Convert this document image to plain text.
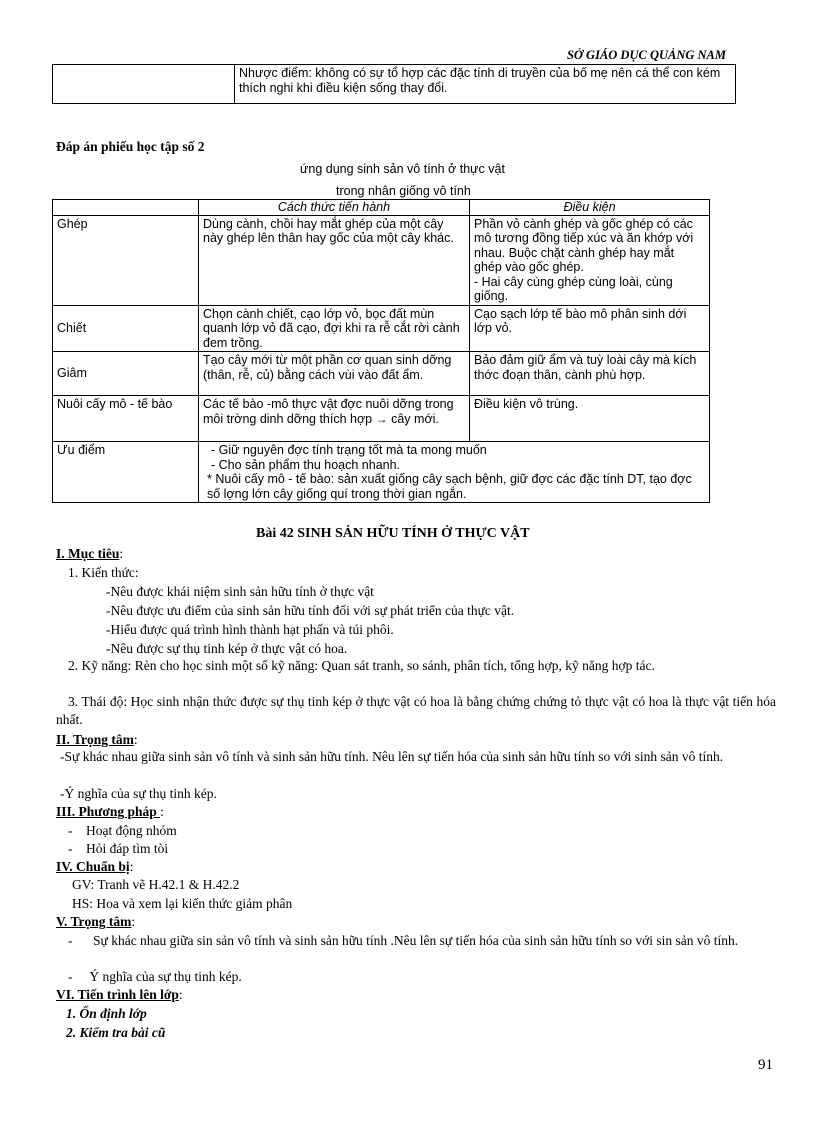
SỞ GIÁO DỤC QUẢNG NAM
	Nhược điểm: không có sự tổ hợp các đặc tính di truyền của bố mẹ nên cá thể con kém thích nghi khi điều kiện sống thay đổi.
Đáp án phiếu học tập số 2
ứng dụng sinh sản vô tính ở thực vật
trong nhân giống vô tính
	Cách thức tiến hành	Điều kiện
Ghép	Dùng cành, chồi hay mắt ghép của một cây này ghép lên thân hay gốc của một cây khác.	Phần vỏ cành ghép và gốc ghép có các mô tương đồng tiếp xúc và ăn khớp với nhau. Buộc chặt cành ghép hay mắt ghép vào gốc ghép.
- Hai cây cùng ghép cùng loài, cùng giống.

Chiết	Chọn cành chiết, cạo lớp vỏ, bọc đất mùn quanh lớp vỏ đã cạo, đợi khi ra rễ cắt rời cành đem trồng.	Cạo sạch lớp tế bào mô phân sinh dới lớp vỏ.
Giâm	Tạo cây mới từ một phần cơ quan sinh dỡng (thân, rễ, củ) bằng cách vùi vào đất ẩm.	Bảo đảm giữ ẩm và tuỳ loài cây mà kích thớc đoạn thân, cành phù hợp.
Nuôi cấy mô - tế bào	Các tế bào -mô thực vật đợc nuôi dỡng trong môi trờng dinh dỡng thích hợp → cây mới.	Điều kiện vô trùng.
Ưu điểm	- Giữ nguyên đợc tính trạng tốt mà ta mong muốn
- Cho sản phẩm thu hoạch nhanh.
* Nuôi cấy mô - tế bào: sản xuất giống cây sạch bệnh, giữ đợc các đặc tính DT, tạo đợc số lợng lớn cây giống quí trong thời gian ngắn.	
Bài 42 SINH SẢN HỮU TÍNH Ở THỰC VẬT
I. Mục tiêu:
1. Kiến thức:
-Nêu được khái niệm sinh sản hữu tính ở thực vật
-Nêu được ưu điểm của sinh sản hữu tính đối với sự phát triển của thực vật.
-Hiểu được quá trình hình thành hạt phấn và túi phôi.
-Nêu được sự thụ tinh kép ở thực vật có hoa.
2. Kỹ năng: Rèn cho học sinh một số kỹ năng: Quan sát tranh, so sánh, phân tích, tổng hợp, kỹ năng hợp tác.
3. Thái độ: Học sinh nhận thức được sự thụ tinh kép ở thực vật có hoa là bằng chứng chứng tỏ thực vật có hoa là thực vật tiến hóa nhất.
II. Trọng tâm:
-Sự khác nhau giữa sinh sản vô tính và sinh sản hữu tính. Nêu lên sự tiến hóa của sinh sản hữu tính so với sinh sản vô tính.
-Ý nghĩa của sự thụ tinh kép.
III. Phương pháp :
-    Hoạt động nhóm
-    Hỏi đáp tìm tòi
IV. Chuẩn bị:
GV: Tranh vẽ H.42.1 & H.42.2
HS: Hoa và xem lại kiến thức giảm phân
V. Trọng tâm:
- Sự khác nhau giữa sin sản vô tính và sinh sản hữu tính .Nêu lên sự tiến hóa của sinh sản hữu tính so với sin sản vô tính.
-     Ý nghĩa của sự thụ tinh kép.
VI. Tiến trình lên lớp:
1. Ổn định lớp
2. Kiểm tra bài cũ
91
